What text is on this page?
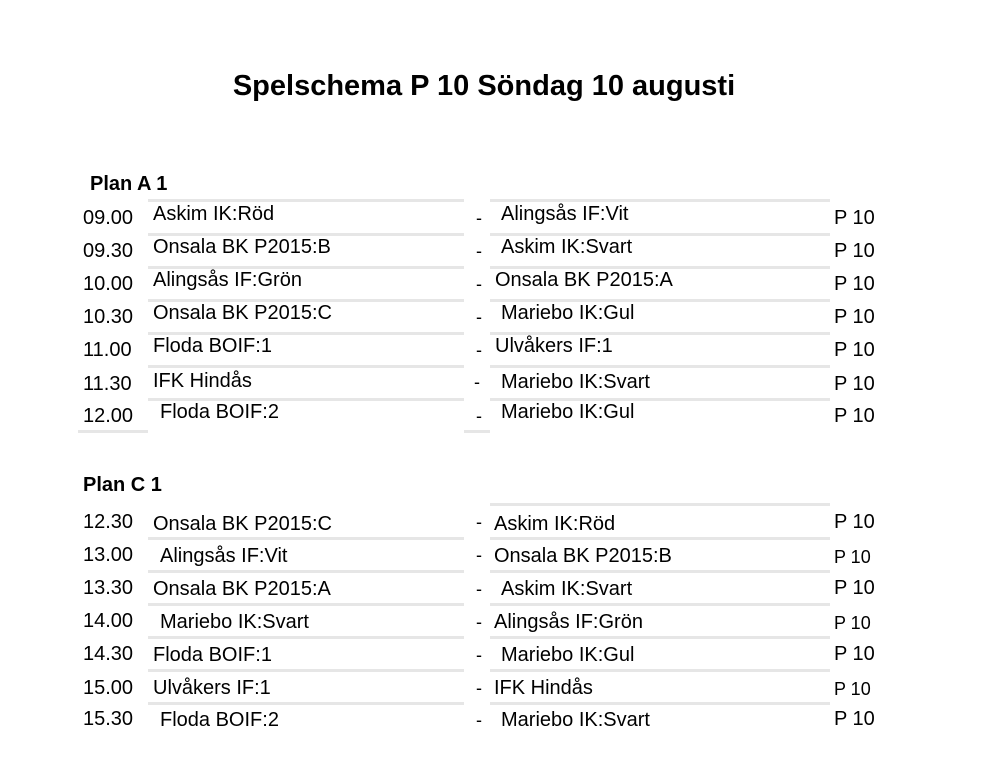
Spelschema P 10 Söndag 10 augusti
Plan A 1
09.00 Askim IK:Röd	- Alingsås IF:Vit	P 10
09.30 Onsala BK P2015:B	- Askim IK:Svart	P 10
10.00 Alingsås IF:Grön	- Onsala BK P2015:A	P 10
10.30 Onsala BK P2015:C	- Mariebo IK:Gul	P 10
11.00 Floda BOIF:1	- Ulvåkers IF:1	P 10
11.30 IFK Hindås	- Mariebo IK:Svart	P 10
12.00 Floda BOIF:2	- Mariebo IK:Gul	P 10
Plan C 1
12.30 Onsala BK P2015:C	- Askim IK:Röd	P 10
13.00 Alingsås IF:Vit	- Onsala BK P2015:B	P 10
13.30 Onsala BK P2015:A	- Askim IK:Svart	P 10
14.00 Mariebo IK:Svart	- Alingsås IF:Grön	P 10
14.30 Floda BOIF:1	- Mariebo IK:Gul	P 10
15.00 Ulvåkers IF:1	- IFK Hindås	P 10
15.30 Floda BOIF:2	- Mariebo IK:Svart	P 10
